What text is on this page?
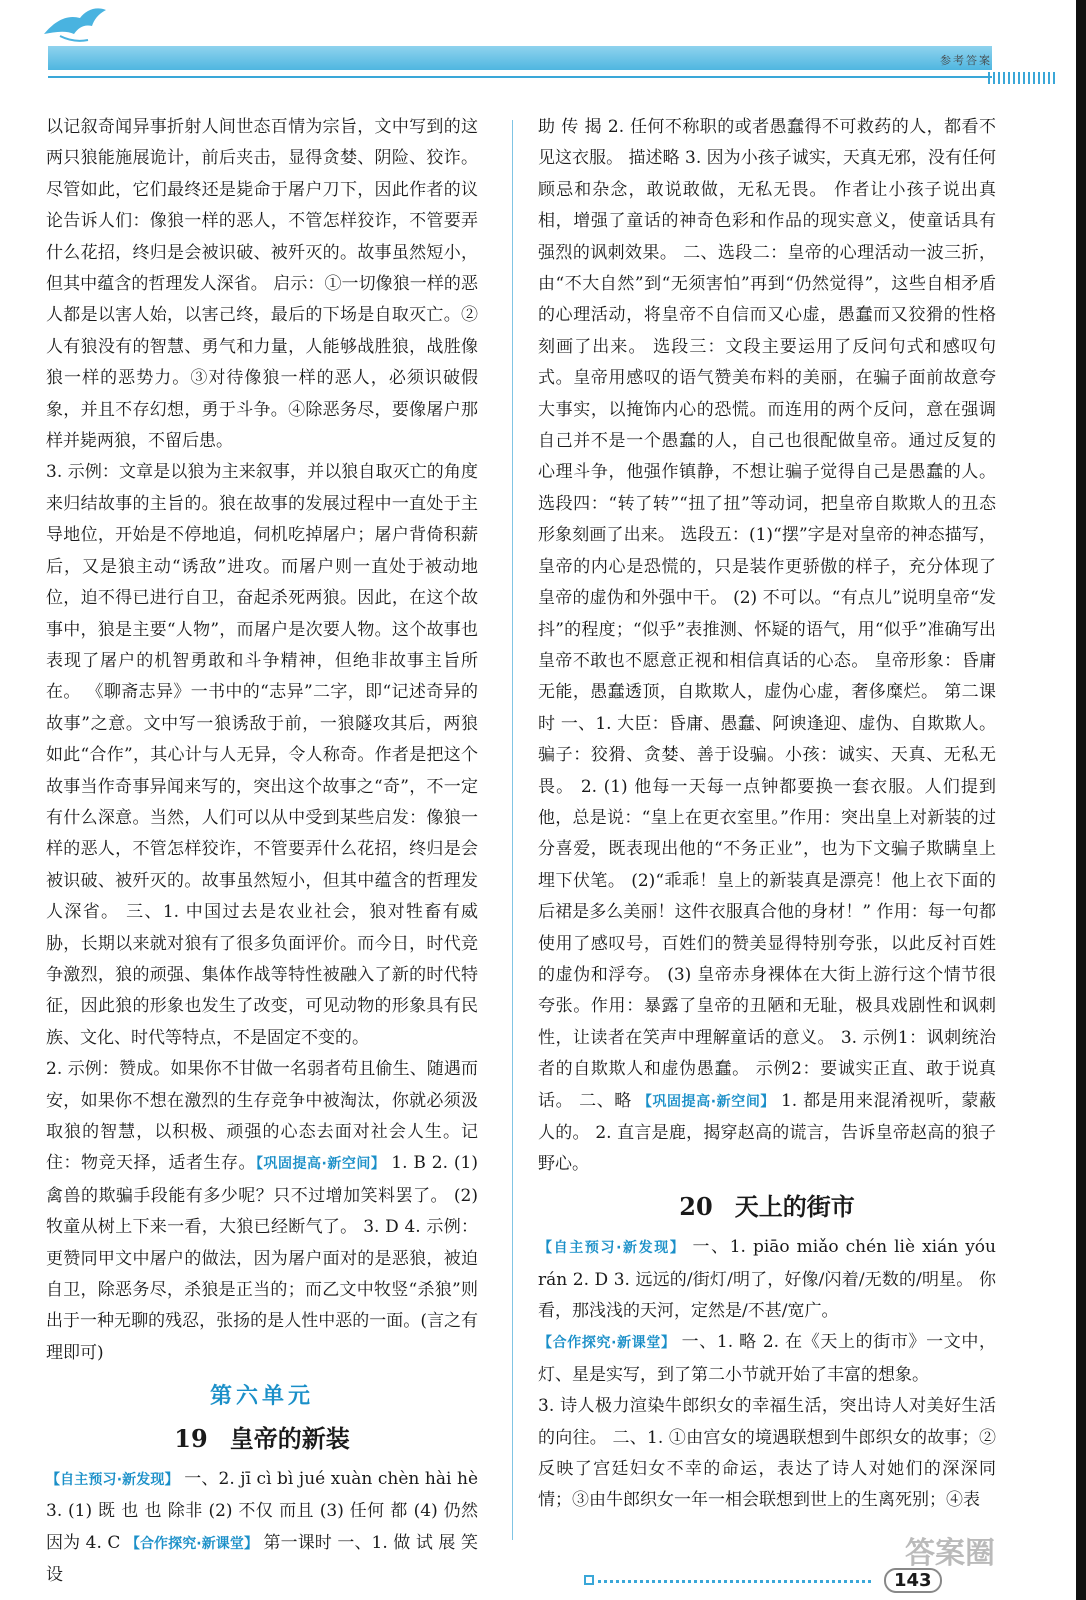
参考答案

以记叙奇闻异事折射人间世态百情为宗旨，文中写到的这两只狼能施展诡计，前后夹击，显得贪婪、阴险、狡诈。尽管如此，它们最终还是毙命于屠户刀下，因此作者的议论告诉人们：像狼一样的恶人，不管怎样狡诈，不管要弄什么花招，终归是会被识破、被歼灭的。故事虽然短小，但其中蕴含的哲理发人深省。 启示：①一切像狼一样的恶人都是以害人始，以害己终，最后的下场是自取灭亡。②人有狼没有的智慧、勇气和力量，人能够战胜狼，战胜像狼一样的恶势力。③对待像狼一样的恶人，必须识破假象，并且不存幻想，勇于斗争。④除恶务尽，要像屠户那样并毙两狼，不留后患。

3. 示例：文章是以狼为主来叙事，并以狼自取灭亡的角度来归结故事的主旨的。狼在故事的发展过程中一直处于主导地位，开始是不停地追，伺机吃掉屠户；屠户背倚积薪后，又是狼主动“诱敌”进攻。而屠户则一直处于被动地位，迫不得已进行自卫，奋起杀死两狼。因此，在这个故事中，狼是主要“人物”，而屠户是次要人物。这个故事也表现了屠户的机智勇敢和斗争精神，但绝非故事主旨所在。 《聊斋志异》一书中的“志异”二字，即“记述奇异的故事”之意。文中写一狼诱敌于前，一狼隧攻其后，两狼如此“合作”，其心计与人无异，令人称奇。作者是把这个故事当作奇事异闻来写的，突出这个故事之“奇”，不一定有什么深意。当然，人们可以从中受到某些启发：像狼一样的恶人，不管怎样狡诈，不管要弄什么花招，终归是会被识破、被歼灭的。故事虽然短小，但其中蕴含的哲理发人深省。 三、1. 中国过去是农业社会，狼对牲畜有威胁，长期以来就对狼有了很多负面评价。而今日，时代竞争激烈，狼的顽强、集体作战等特性被融入了新的时代特征，因此狼的形象也发生了改变，可见动物的形象具有民族、文化、时代等特点，不是固定不变的。

2. 示例：赞成。如果你不甘做一名弱者苟且偷生、随遇而安，如果你不想在激烈的生存竞争中被淘汰，你就必须汲取狼的智慧，以积极、顽强的心态去面对社会人生。记住：物竞天择，适者生存。【巩固提高·新空间】 1. B 2. (1) 禽兽的欺骗手段能有多少呢？只不过增加笑料罢了。 (2) 牧童从树上下来一看，大狼已经断气了。 3. D 4. 示例：更赞同甲文中屠户的做法，因为屠户面对的是恶狼，被迫自卫，除恶务尽，杀狼是正当的；而乙文中牧竖“杀狼”则出于一种无聊的残忍，张扬的是人性中恶的一面。(言之有理即可)

第六单元
19 皇帝的新装

【自主预习·新发现】 一、2. jī cì bì jué xuàn chèn hài hè 3. (1) 既 也 也 除非 (2) 不仅 而且 (3) 任何 都 (4) 仍然 因为 4. C 【合作探究·新课堂】 第一课时 一、1. 做 试 展 笑 设

助 传 揭 2. 任何不称职的或者愚蠢得不可救药的人，都看不见这衣服。 描述略 3. 因为小孩子诚实，天真无邪，没有任何顾忌和杂念，敢说敢做，无私无畏。 作者让小孩子说出真相，增强了童话的神奇色彩和作品的现实意义，使童话具有强烈的讽刺效果。 二、选段二：皇帝的心理活动一波三折，由“不大自然”到“无须害怕”再到“仍然觉得”，这些自相矛盾的心理活动，将皇帝不自信而又心虚，愚蠢而又狡猾的性格刻画了出来。 选段三：文段主要运用了反问句式和感叹句式。皇帝用感叹的语气赞美布料的美丽，在骗子面前故意夸大事实，以掩饰内心的恐慌。而连用的两个反问，意在强调自己并不是一个愚蠢的人，自己也很配做皇帝。通过反复的心理斗争，他强作镇静，不想让骗子觉得自己是愚蠢的人。 选段四：“转了转”“扭了扭”等动词，把皇帝自欺欺人的丑态形象刻画了出来。 选段五：(1)“摆”字是对皇帝的神态描写，皇帝的内心是恐慌的，只是装作更骄傲的样子，充分体现了皇帝的虚伪和外强中干。 (2) 不可以。“有点儿”说明皇帝“发抖”的程度；“似乎”表推测、怀疑的语气，用“似乎”准确写出皇帝不敢也不愿意正视和相信真话的心态。 皇帝形象：昏庸无能，愚蠢透顶，自欺欺人，虚伪心虚，奢侈糜烂。 第二课时 一、1. 大臣：昏庸、愚蠢、阿谀逢迎、虚伪、自欺欺人。 骗子：狡猾、贪婪、善于设骗。小孩：诚实、天真、无私无畏。 2. (1) 他每一天每一点钟都要换一套衣服。人们提到他，总是说：“皇上在更衣室里。”作用：突出皇上对新装的过分喜爱，既表现出他的“不务正业”，也为下文骗子欺瞒皇上埋下伏笔。 (2)“乖乖！皇上的新装真是漂亮！他上衣下面的后裙是多么美丽！这件衣服真合他的身材！” 作用：每一句都使用了感叹号，百姓们的赞美显得特别夸张，以此反衬百姓的虚伪和浮夸。 (3) 皇帝赤身裸体在大街上游行这个情节很夸张。作用：暴露了皇帝的丑陋和无耻，极具戏剧性和讽刺性，让读者在笑声中理解童话的意义。 3. 示例1：讽刺统治者的自欺欺人和虚伪愚蠢。 示例2：要诚实正直、敢于说真话。 二、略 【巩固提高·新空间】 1. 都是用来混淆视听，蒙蔽人的。 2. 直言是鹿，揭穿赵高的谎言，告诉皇帝赵高的狼子野心。

20 天上的街市

【自主预习·新发现】 一、1. piāo miǎo chén liè xián yóu rán 2. D 3. 远远的/街灯/明了，好像/闪着/无数的/明星。 你看，那浅浅的天河，定然是/不甚/宽广。

【合作探究·新课堂】 一、1. 略 2. 在《天上的街市》一文中，灯、星是实写，到了第二小节就开始了丰富的想象。

3. 诗人极力渲染牛郎织女的幸福生活，突出诗人对美好生活的向往。 二、1. ①由宫女的境遇联想到牛郎织女的故事；②反映了宫廷妇女不幸的命运，表达了诗人对她们的深深同情；③由牛郎织女一年一相会联想到世上的生离死别；④表

143
答案圈
